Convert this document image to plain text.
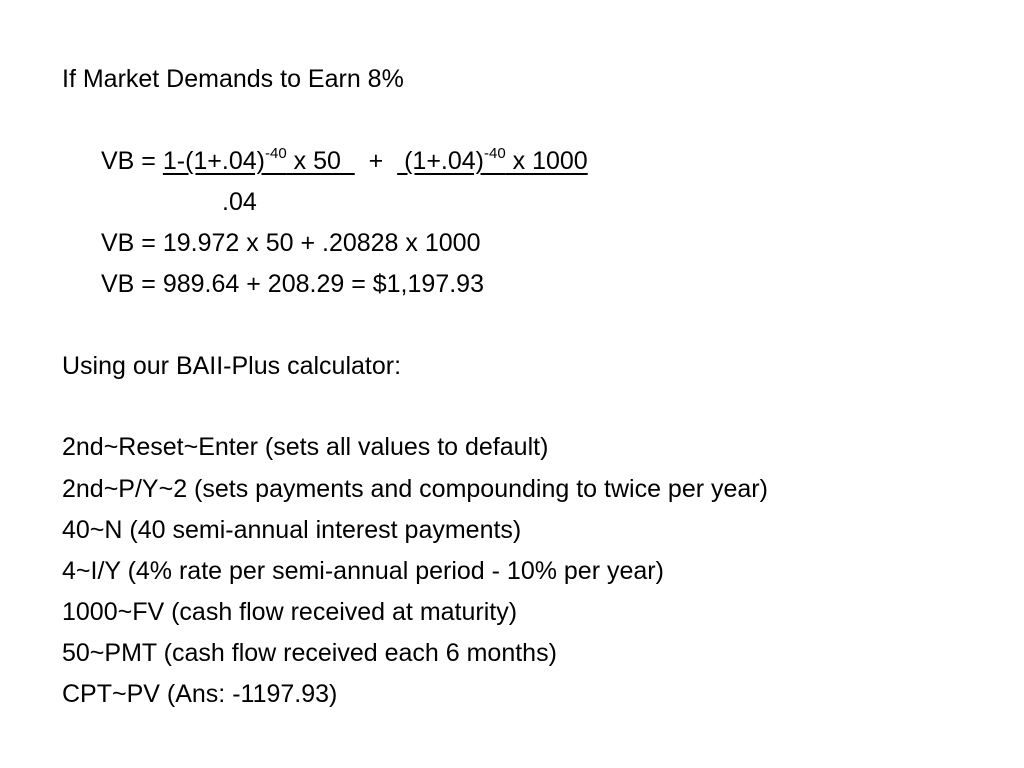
If Market Demands to Earn 8%
VB = $1-(1+.04)^{-40}$ x 50    +   $(1+.04)^{-40}$ x 1000
.04
VB = 19.972 x 50 + .20828 x 1000
VB = 989.64 + 208.29 = $1,197.93
Using our BAII-Plus calculator:
2nd~Reset~Enter (sets all values to default)
2nd~P/Y~2 (sets payments and compounding to twice per year)
40~N (40 semi-annual interest payments)
4~I/Y (4% rate per semi-annual period - 10% per year)
1000~FV (cash flow received at maturity)
50~PMT (cash flow received each 6 months)
CPT~PV (Ans: -1197.93)
